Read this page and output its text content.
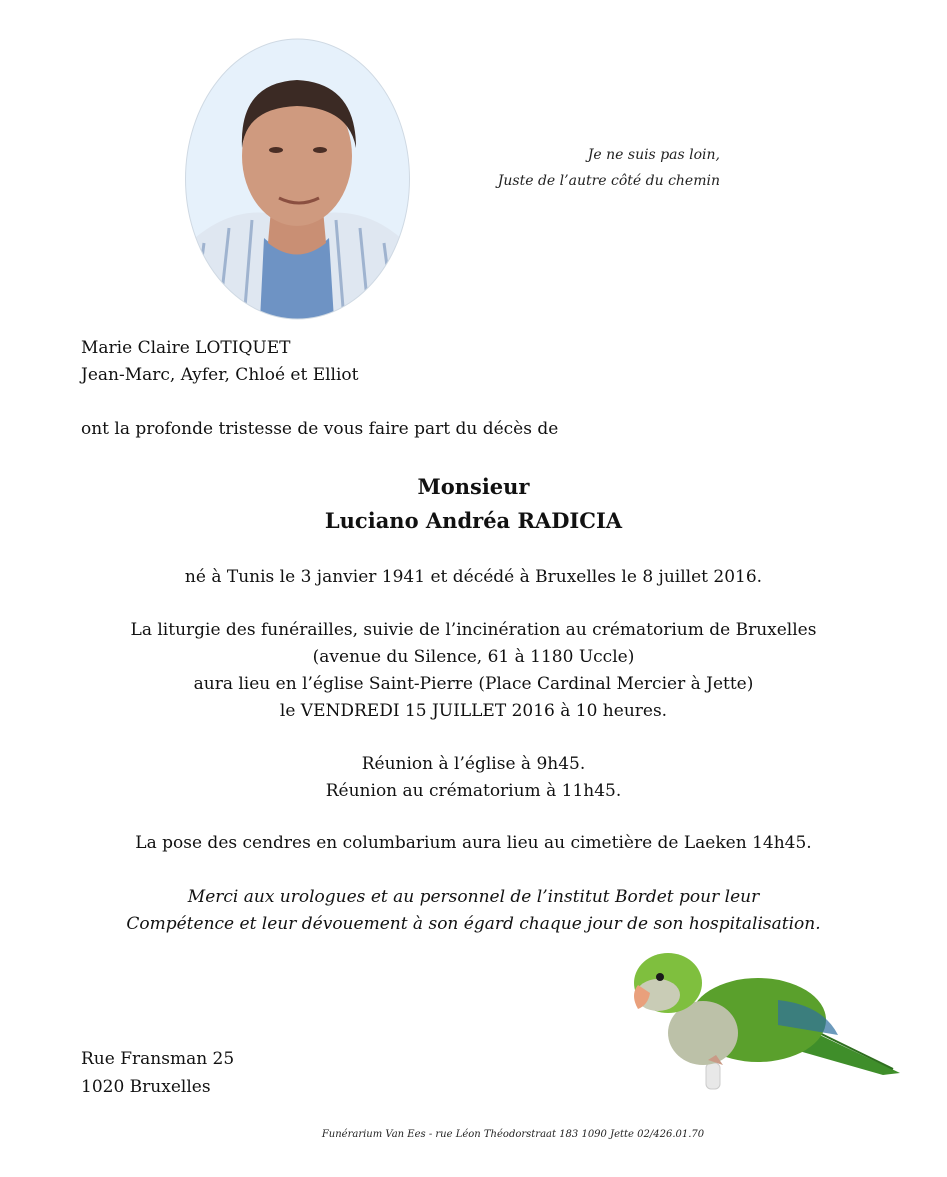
Je ne suis pas loin,
Juste de l’autre côté du chemin
Marie Claire LOTIQUET
Jean-Marc, Ayfer, Chloé et Elliot
ont la profonde tristesse de vous faire part du décès de
Monsieur
Luciano Andréa RADICIA
né à Tunis le 3 janvier 1941 et décédé à Bruxelles le 8 juillet 2016.
La liturgie des funérailles, suivie de l’incinération au crématorium de Bruxelles
(avenue du Silence, 61 à 1180 Uccle)
aura lieu en l’église Saint-Pierre (Place Cardinal Mercier à Jette)
le VENDREDI 15 JUILLET 2016 à 10 heures.
Réunion à l’église à 9h45.
Réunion au crématorium à 11h45.
La pose des cendres en columbarium aura lieu au cimetière de Laeken 14h45.
Merci aux urologues et au personnel de l’institut Bordet pour leur
Compétence et leur dévouement à son égard chaque jour de son hospitalisation.
Rue Fransman 25
1020 Bruxelles
Funérarium Van Ees - rue Léon Théodorstraat 183 1090 Jette 02/426.01.70
